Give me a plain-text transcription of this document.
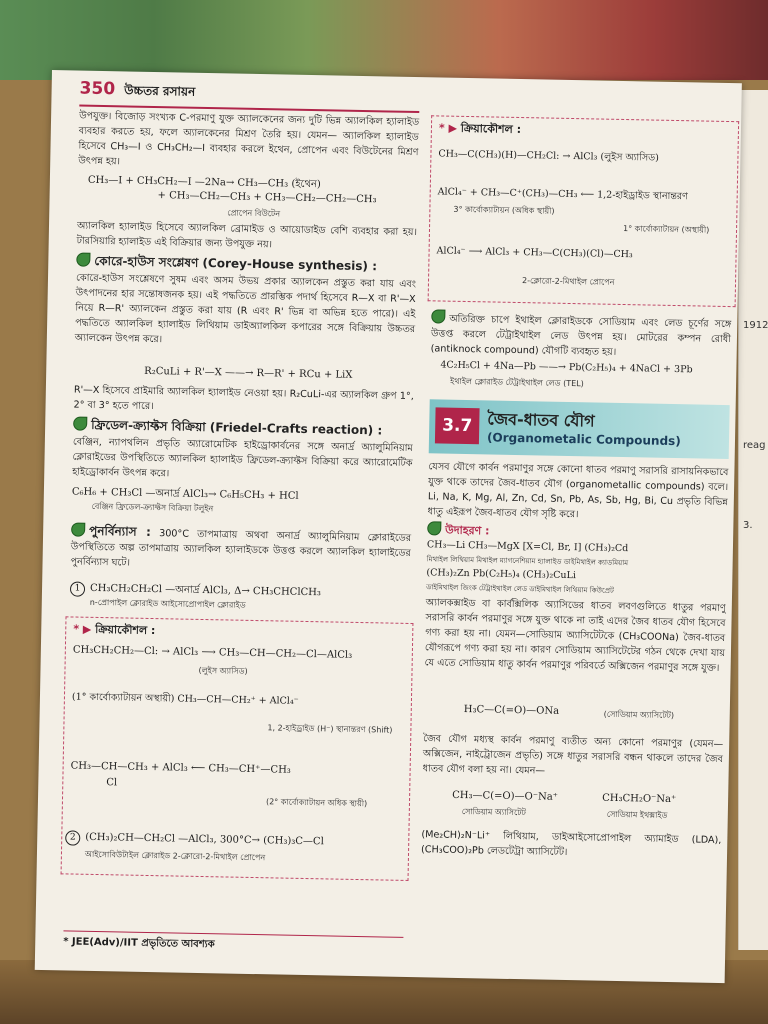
reag
1912
3.
350 উচ্চতর রসায়ন

উপযুক্ত। বিজোড় সংখ্যক C-পরমাণু যুক্ত অ্যালকেনের জন্য দুটি ভিন্ন অ্যালকিল হ্যালাইড ব্যবহার করতে হয়, ফলে অ্যালকেনের মিশ্রণ তৈরি হয়। যেমন— অ্যালকিল হ্যালাইড হিসেবে CH₃—I ও CH₃CH₂—I ব্যবহার করলে ইথেন, প্রোপেন এবং বিউটেনের মিশ্রণ উৎপন্ন হয়।

CH₃—I + CH₃CH₂—I —2Na→ CH₃—CH₃ (ইথেন)
+ CH₃—CH₂—CH₃ + CH₃—CH₂—CH₂—CH₃
প্রোপেন বিউটেন

অ্যালকিল হ্যালাইড হিসেবে অ্যালকিল ব্রোমাইড ও আয়োডাইড বেশি ব্যবহার করা হয়। টারসিয়ারি হ্যালাইড এই বিক্রিয়ার জন্য উপযুক্ত নয়।

কোরে-হাউস সংশ্লেষণ (Corey-House synthesis) :

কোরে-হাউস সংশ্লেষণে সুষম এবং অসম উভয় প্রকার অ্যালকেন প্রস্তুত করা যায় এবং উৎপাদনের হার সন্তোষজনক হয়। এই পদ্ধতিতে প্রারম্ভিক পদার্থ হিসেবে R—X বা R'—X নিয়ে R—R' অ্যালকেন প্রস্তুত করা যায় (R এবং R' ভিন্ন বা অভিন্ন হতে পারে)। এই পদ্ধতিতে অ্যালকিল হ্যালাইড লিথিয়াম ডাইঅ্যালকিল কপারের সঙ্গে বিক্রিয়ায় উচ্চতর অ্যালকেন উৎপন্ন করে।

R₂CuLi + R'—X ——→ R—R' + RCu + LiX

R'—X হিসেবে প্রাইমারি অ্যালকিল হ্যালাইড নেওয়া হয়। R₂CuLi-এর অ্যালকিল গ্রুপ 1°, 2° বা 3° হতে পারে।

ফ্রিডেল-ক্র্যাফ্টস বিক্রিয়া (Friedel-Crafts reaction) :

বেঞ্জিন, ন্যাপথলিন প্রভৃতি অ্যারোমেটিক হাইড্রোকার্বনের সঙ্গে অনার্দ্র অ্যালুমিনিয়াম ক্লোরাইডের উপস্থিতিতে অ্যালকিল হ্যালাইড ফ্রিডেল-ক্র্যাফ্টস বিক্রিয়া করে অ্যারোমেটিক হাইড্রোকার্বন উৎপন্ন করে।

C₆H₆ + CH₃Cl —অনার্দ্র AlCl₃→ C₆H₅CH₃ + HCl
বেঞ্জিন ফ্রিডেল-ক্র্যাফ্টস বিক্রিয়া টলুইন

পুনর্বিন্যাস : 300°C তাপমাত্রায় অথবা অনার্দ্র অ্যালুমিনিয়াম ক্লোরাইডের উপস্থিতিতে অল্প তাপমাত্রায় অ্যালকিল হ্যালাইডকে উত্তপ্ত করলে অ্যালকিল হ্যালাইডের পুনর্বিন্যাস ঘটে।

1 CH₃CH₂CH₂Cl —অনার্দ্র AlCl₃, Δ→ CH₃CHClCH₃
n-প্রোপাইল ক্লোরাইড আইসোপ্রোপাইল ক্লোরাইড
* ▶ ক্রিয়াকৌশল :
CH₃CH₂CH₂—Cl: → AlCl₃ ⟶ CH₃—CH—CH₂—Cl—AlCl₃
(লুইস অ্যাসিড)
(1° কার্বোক্যাটায়ন অস্থায়ী) CH₃—CH—CH₂⁺ + AlCl₄⁻
1, 2-হাইড্রাইড (H⁻) স্থানান্তরণ (Shift)
CH₃—CH—CH₃ + AlCl₃ ⟵ CH₃—CH⁺—CH₃
Cl
(2° কার্বোক্যাটায়ন অধিক স্থায়ী)
2 (CH₃)₂CH—CH₂Cl —AlCl₃, 300°C→ (CH₃)₃C—Cl
আইসোবিউটাইল ক্লোরাইড 2-ক্লোরো-2-মিথাইল প্রোপেন
* ▶ ক্রিয়াকৌশল :
CH₃—C(CH₃)(H)—CH₂Cl: → AlCl₃ (লুইস অ্যাসিড)
AlCl₄⁻ + CH₃—C⁺(CH₃)—CH₃ ⟵ 1,2-হাইড্রাইড স্থানান্তরণ
3° কার্বোক্যাটায়ন (অধিক স্থায়ী)
1° কার্বোক্যাটায়ন (অস্থায়ী)
AlCl₄⁻ ⟶ AlCl₃ + CH₃—C(CH₃)(Cl)—CH₃
2-ক্লোরো-2-মিথাইল প্রোপেন

অতিরিক্ত চাপে ইথাইল ক্লোরাইডকে সোডিয়াম এবং লেড চূর্ণের সঙ্গে উত্তপ্ত করলে টেট্রাইথাইল লেড উৎপন্ন হয়। মোটরের কম্পন রোধী (antiknock compound) যৌগটি ব্যবহৃত হয়।

4C₂H₅Cl + 4Na—Pb ——→ Pb(C₂H₅)₄ + 4NaCl + 3Pb
ইথাইল ক্লোরাইড টেট্রাইথাইল লেড (TEL)
3.7 জৈব-ধাতব যৌগ
(Organometalic Compounds)

যেসব যৌগে কার্বন পরমাণুর সঙ্গে কোনো ধাতব পরমাণু সরাসরি রাসায়নিকভাবে যুক্ত থাকে তাদের জৈব-ধাতব যৌগ (organometallic compounds) বলে। Li, Na, K, Mg, Al, Zn, Cd, Sn, Pb, As, Sb, Hg, Bi, Cu প্রভৃতি বিভিন্ন ধাতু এইরূপ জৈব-ধাতব যৌগ সৃষ্টি করে।

উদাহরণ :
CH₃—Li CH₃—MgX [X=Cl, Br, I] (CH₃)₂Cd
মিথাইল লিথিয়াম মিথাইল ম্যাগনেশিয়াম হ্যালাইড ডাইমিথাইল ক্যাডমিয়াম
(CH₃)₂Zn Pb(C₂H₅)₄ (CH₃)₂CuLi
ডাইমিথাইল জিংক টেট্রাইথাইল লেড ডাইমিথাইল লিথিয়াম কিউপ্রেট

অ্যালকক্সাইড বা কার্বক্সিলিক অ্যাসিডের ধাতব লবণগুলিতে ধাতুর পরমাণু সরাসরি কার্বন পরমাণুর সঙ্গে যুক্ত থাকে না তাই এদের জৈব ধাতব যৌগ হিসেবে গণ্য করা হয় না। যেমন—সোডিয়াম অ্যাসিটেটকে (CH₃COONa) জৈব-ধাতব যৌগরূপে গণ্য করা হয় না। কারণ সোডিয়াম অ্যাসিটেটের গঠন থেকে দেখা যায় যে এতে সোডিয়াম ধাতু কার্বন পরমাণুর পরিবর্তে অক্সিজেন পরমাণুর সঙ্গে যুক্ত।

H₃C—C(=O)—ONa	(সোডিয়াম অ্যাসিটেট)

জৈব যৌগ মধ্যস্থ কার্বন পরমাণু ব্যতীত অন্য কোনো পরমাণুর (যেমন— অক্সিজেন, নাইট্রোজেন প্রভৃতি) সঙ্গে ধাতুর সরাসরি বন্ধন থাকলে তাদের জৈব ধাতব যৌগ বলা হয় না। যেমন—

CH₃—C(=O)—O⁻Na⁺
সোডিয়াম অ্যাসিটেট
CH₃CH₂O⁻Na⁺
সোডিয়াম ইথক্সাইড

(Me₂CH)₂N⁻Li⁺ লিথিয়াম, ডাইআইসোপ্রোপাইল অ্যামাইড (LDA), (CH₃COO)₂Pb লেডটেট্রা অ্যাসিটেট।

* JEE(Adv)/IIT প্রভৃতিতে আবশ্যক
